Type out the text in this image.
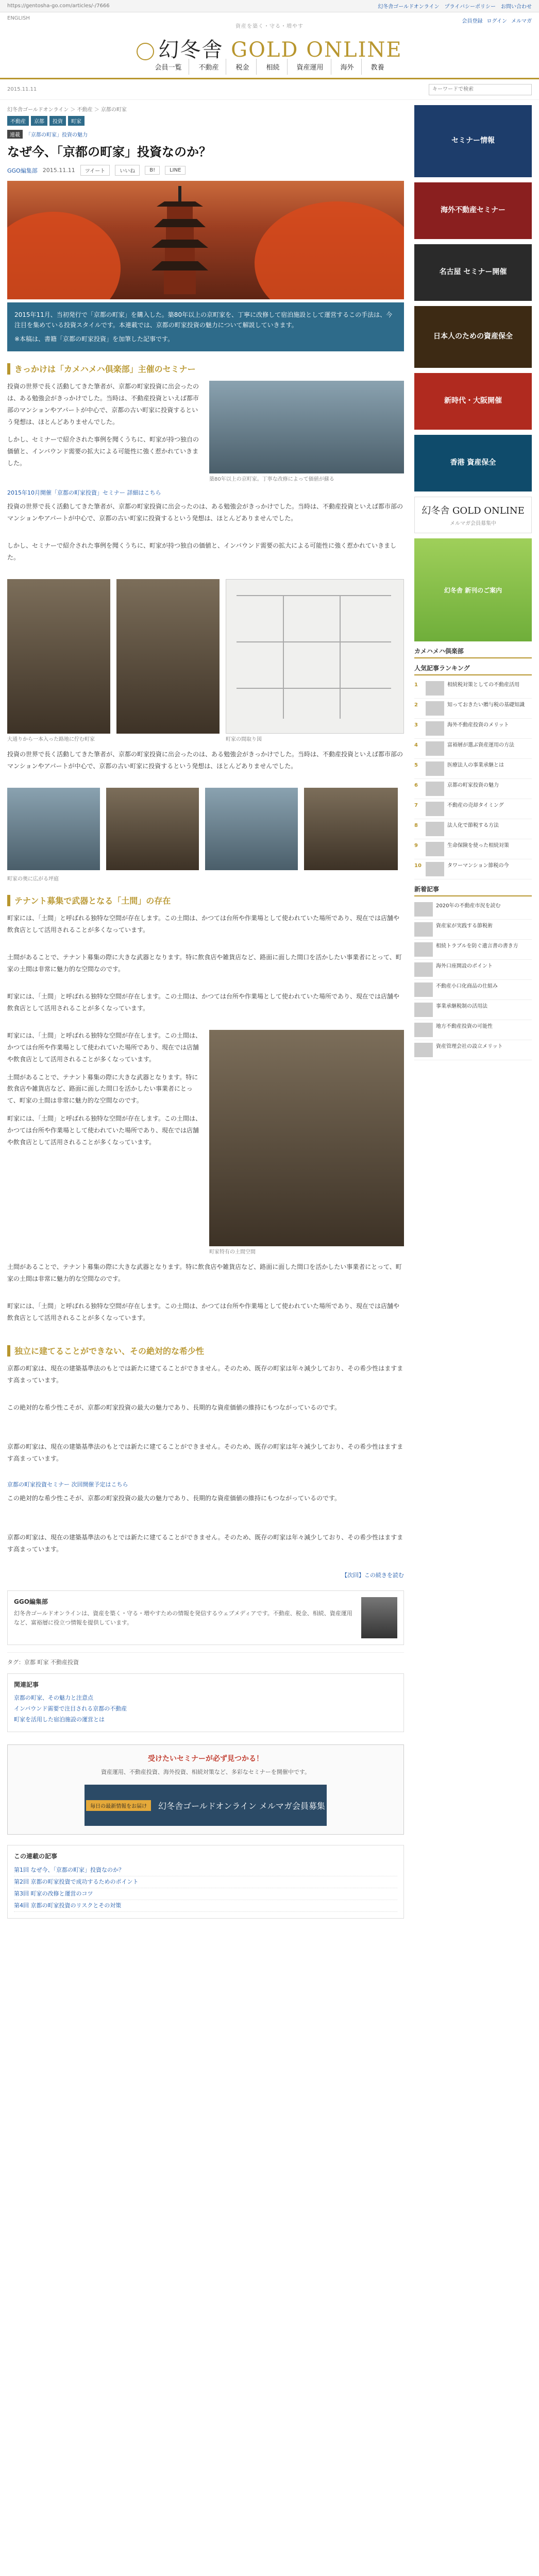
https://gentosha-go.com/articles/-/7666	幻冬舎ゴールドオンライン プライバシーポリシー お問い合わせ
ENGLISH
会員登録 ログイン メルマガ
資産を築く・守る・増やす
幻冬舎 GOLD ONLINE
会員一覧	不動産	税金	相続	資産運用	海外	教養
2015.11.11
キーワードで検索
幻冬舎ゴールドオンライン ＞ 不動産 ＞ 京都の町家
不動産	京都	投資	町家
連載 「京都の町家」投資の魅力
なぜ今、「京都の町家」投資なのか？
GGO編集部 2015.11.11	ツイート	いいね	B!	LINE

2015年11月、当初発行で「京都の町家」を購入した。築80年以上の京町家を、丁寧に改修して宿泊施設として運営するこの手法は、今注目を集めている投資スタイルです。本連載では、京都の町家投資の魅力について解説していきます。

※本稿は、書籍「京都の町家投資」を加筆した記事です。

きっかけは「カメハメハ倶楽部」主催のセミナー

投資の世界で長く活動してきた筆者が、京都の町家投資に出会ったのは、ある勉強会がきっかけでした。当時は、不動産投資といえば都市部のマンションやアパートが中心で、京都の古い町家に投資するという発想は、ほとんどありませんでした。

しかし、セミナーで紹介された事例を聞くうちに、町家が持つ独自の価値と、インバウンド需要の拡大による可能性に強く惹かれていきました。

築80年以上の京町家。丁寧な改修によって価値が蘇る
2015年10月開催「京都の町家投資」セミナー 詳細はこちら

投資の世界で長く活動してきた筆者が、京都の町家投資に出会ったのは、ある勉強会がきっかけでした。当時は、不動産投資といえば都市部のマンションやアパートが中心で、京都の古い町家に投資するという発想は、ほとんどありませんでした。

しかし、セミナーで紹介された事例を聞くうちに、町家が持つ独自の価値と、インバウンド需要の拡大による可能性に強く惹かれていきました。

大通りから一本入った路地に佇む町家	町家の間取り図

投資の世界で長く活動してきた筆者が、京都の町家投資に出会ったのは、ある勉強会がきっかけでした。当時は、不動産投資といえば都市部のマンションやアパートが中心で、京都の古い町家に投資するという発想は、ほとんどありませんでした。

町家の奥に広がる坪庭
テナント募集で武器となる「土間」の存在

町家には、「土間」と呼ばれる独特な空間が存在します。この土間は、かつては台所や作業場として使われていた場所であり、現在では店舗や飲食店として活用されることが多くなっています。

土間があることで、テナント募集の際に大きな武器となります。特に飲食店や雑貨店など、路面に面した間口を活かしたい事業者にとって、町家の土間は非常に魅力的な空間なのです。

町家には、「土間」と呼ばれる独特な空間が存在します。この土間は、かつては台所や作業場として使われていた場所であり、現在では店舗や飲食店として活用されることが多くなっています。

町家には、「土間」と呼ばれる独特な空間が存在します。この土間は、かつては台所や作業場として使われていた場所であり、現在では店舗や飲食店として活用されることが多くなっています。

土間があることで、テナント募集の際に大きな武器となります。特に飲食店や雑貨店など、路面に面した間口を活かしたい事業者にとって、町家の土間は非常に魅力的な空間なのです。

町家には、「土間」と呼ばれる独特な空間が存在します。この土間は、かつては台所や作業場として使われていた場所であり、現在では店舗や飲食店として活用されることが多くなっています。

町家特有の土間空間

土間があることで、テナント募集の際に大きな武器となります。特に飲食店や雑貨店など、路面に面した間口を活かしたい事業者にとって、町家の土間は非常に魅力的な空間なのです。

町家には、「土間」と呼ばれる独特な空間が存在します。この土間は、かつては台所や作業場として使われていた場所であり、現在では店舗や飲食店として活用されることが多くなっています。

独立に建てることができない、その絶対的な希少性

京都の町家は、現在の建築基準法のもとでは新たに建てることができません。そのため、既存の町家は年々減少しており、その希少性はますます高まっています。

この絶対的な希少性こそが、京都の町家投資の最大の魅力であり、長期的な資産価値の維持にもつながっているのです。

京都の町家は、現在の建築基準法のもとでは新たに建てることができません。そのため、既存の町家は年々減少しており、その希少性はますます高まっています。

京都の町家投資セミナー 次回開催予定はこちら

この絶対的な希少性こそが、京都の町家投資の最大の魅力であり、長期的な資産価値の維持にもつながっているのです。

京都の町家は、現在の建築基準法のもとでは新たに建てることができません。そのため、既存の町家は年々減少しており、その希少性はますます高まっています。

【次回】この続きを読む
GGO編集部
幻冬舎ゴールドオンラインは、資産を築く・守る・増やすための情報を発信するウェブメディアです。不動産、税金、相続、資産運用など、富裕層に役立つ情報を提供しています。
タグ：京都 町家 不動産投資
関連記事
京都の町家、その魅力と注意点
インバウンド需要で注目される京都の不動産
町家を活用した宿泊施設の運営とは
受けたいセミナーが必ず見つかる！
資産運用、不動産投資、海外投資、相続対策など、多彩なセミナーを開催中です。
毎日の最新情報をお届け	幻冬舎ゴールドオンライン メルマガ会員募集
この連載の記事
第1回 なぜ今、「京都の町家」投資なのか？
第2回 京都の町家投資で成功するためのポイント
第3回 町家の改修と運営のコツ
第4回 京都の町家投資のリスクとその対策
セミナー情報
海外不動産セミナー
名古屋 セミナー開催
日本人のための資産保全
新時代・大阪開催
香港 資産保全
幻冬舎 GOLD ONLINE
メルマガ会員募集中
幻冬舎 新刊のご案内
カメハメハ倶楽部
人気記事ランキング
1	相続税対策としての不動産活用
2	知っておきたい贈与税の基礎知識
3	海外不動産投資のメリット
4	富裕層が選ぶ資産運用の方法
5	医療法人の事業承継とは
6	京都の町家投資の魅力
7	不動産の売却タイミング
8	法人化で節税する方法
9	生命保険を使った相続対策
10	タワーマンション節税の今
新着記事
2020年の不動産市況を読む
資産家が実践する節税術
相続トラブルを防ぐ遺言書の書き方
海外口座開設のポイント
不動産小口化商品の仕組み
事業承継税制の活用法
地方不動産投資の可能性
資産管理会社の設立メリット
